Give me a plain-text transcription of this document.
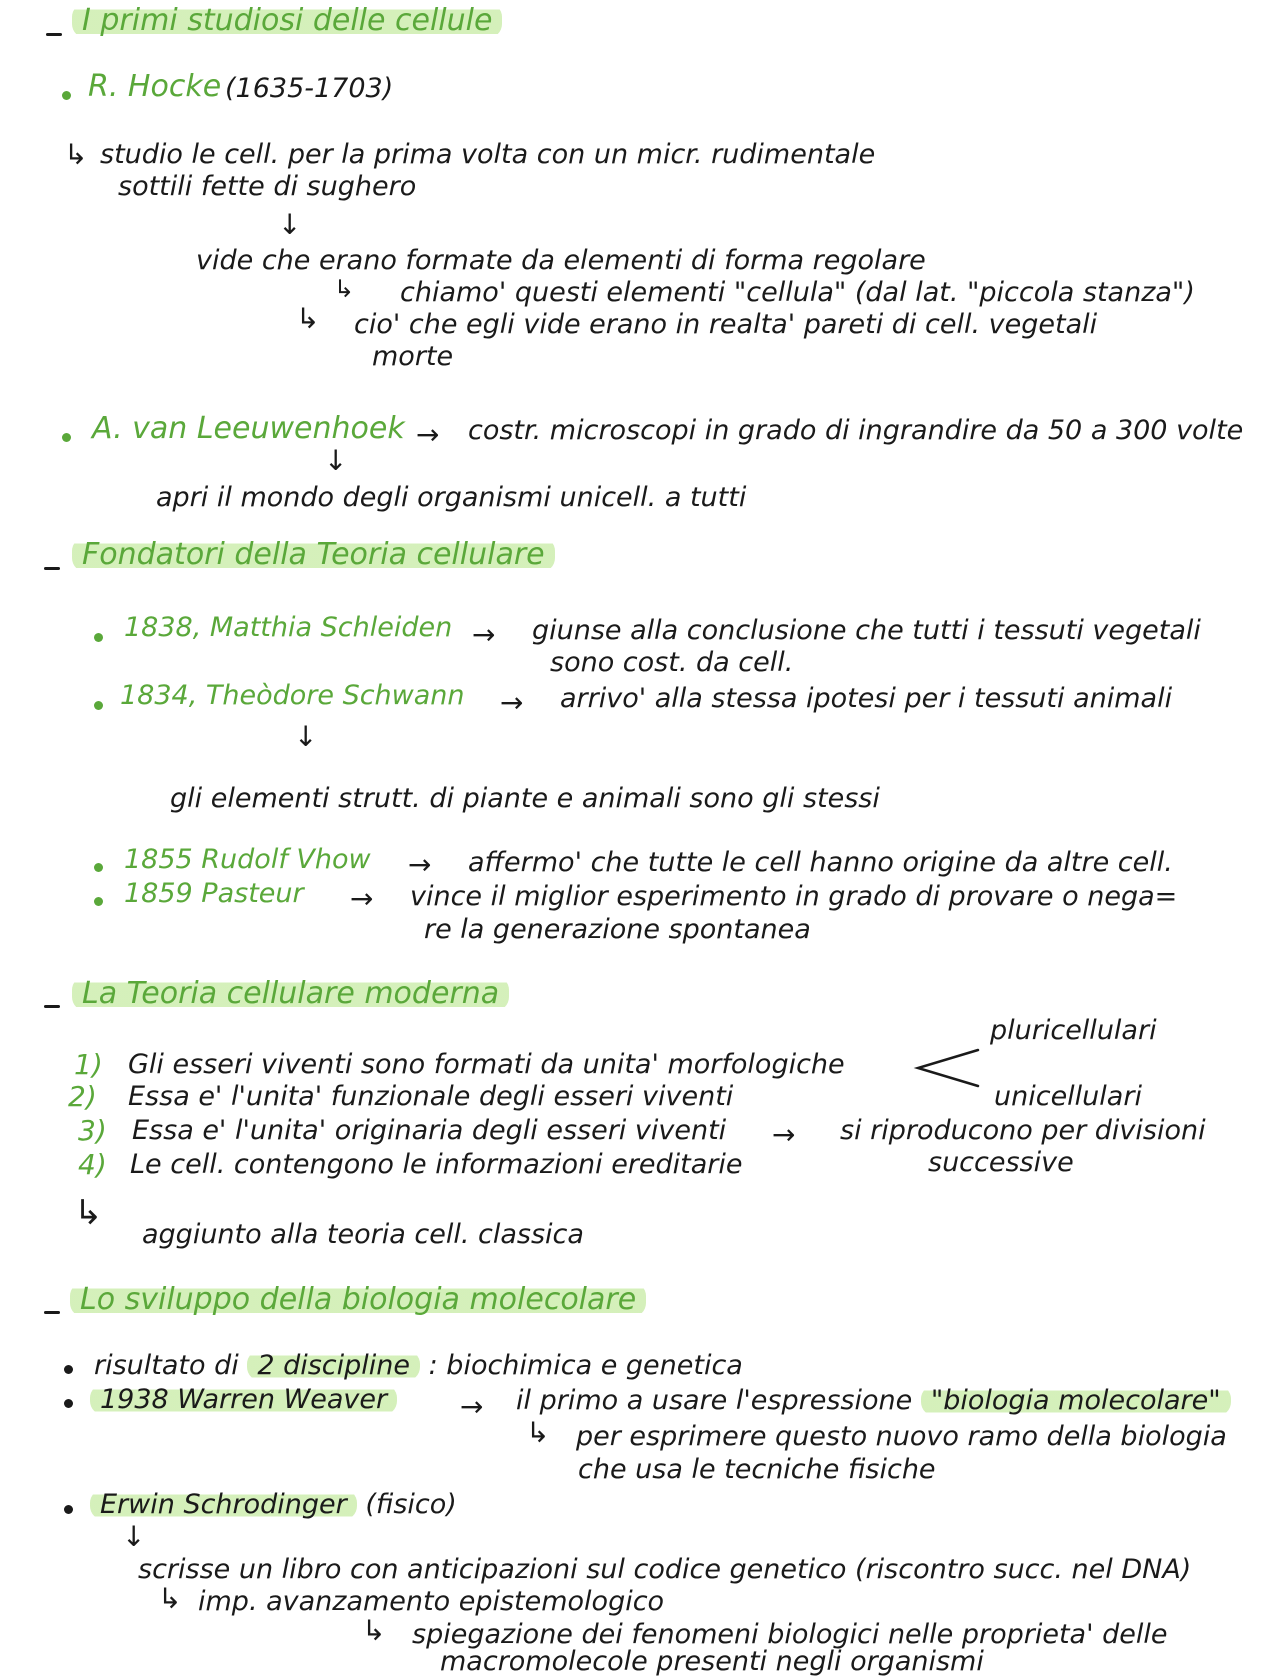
I primi studiosi delle cellule
R. Hocke (1635-1703)
↳ studio le cell. per la prima volta con un micr. rudimentale
sottili fette di sughero
↓
vide che erano formate da elementi di forma regolare
↳ chiamo' questi elementi "cellula" (dal lat. "piccola stanza")
↳ cio' che egli vide erano in realta' pareti di cell. vegetali
morte
A. van Leeuwenhoek → costr. microscopi in grado di ingrandire da 50 a 300 volte
↓
apri il mondo degli organismi unicell. a tutti
Fondatori della Teoria cellulare
1838, Matthia Schleiden → giunse alla conclusione che tutti i tessuti vegetali
sono cost. da cell.
1834, Theòdore Schwann → arrivo' alla stessa ipotesi per i tessuti animali
↓
gli elementi strutt. di piante e animali sono gli stessi
1855 Rudolf Vhow → affermo' che tutte le cell hanno origine da altre cell.
1859 Pasteur → vince il miglior esperimento in grado di provare o nega=
re la generazione spontanea
La Teoria cellulare moderna
pluricellulari
1) Gli esseri viventi sono formati da unita' morfologiche
2) Essa e' l'unita' funzionale degli esseri viventi	unicellulari
3) Essa e' l'unita' originaria degli esseri viventi → si riproducono per divisioni
successive
4) Le cell. contengono le informazioni ereditarie
↳
aggiunto alla teoria cell. classica
Lo sviluppo della biologia molecolare
risultato di 2 discipline : biochimica e genetica
1938 Warren Weaver	→ il primo a usare l'espressione "biologia molecolare"
↳ per esprimere questo nuovo ramo della biologia
che usa le tecniche fisiche
Erwin Schrodinger (fisico)
↓
scrisse un libro con anticipazioni sul codice genetico (riscontro succ. nel DNA)
↳ imp. avanzamento epistemologico
↳ spiegazione dei fenomeni biologici nelle proprieta' delle
macromolecole presenti negli organismi
